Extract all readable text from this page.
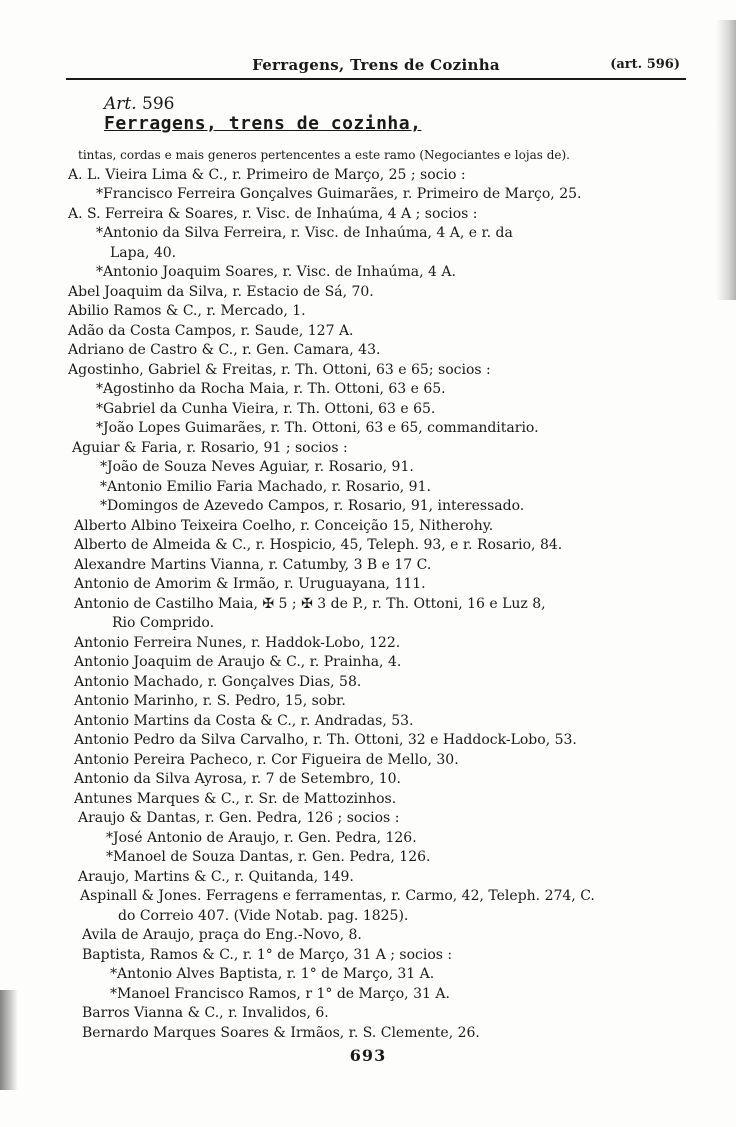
Ferragens, Trens de Cozinha	(art. 596)
Art. 596
Ferragens, trens de cozinha,
tintas, cordas e mais generos pertencentes a este ramo (Negociantes e lojas de).
A. L. Vieira Lima & C., r. Primeiro de Março, 25 ; socio :
*Francisco Ferreira Gonçalves Guimarães, r. Primeiro de Março, 25.
A. S. Ferreira & Soares, r. Visc. de Inhaúma, 4 A ; socios :
*Antonio da Silva Ferreira, r. Visc. de Inhaúma, 4 A, e r. da
Lapa, 40.
*Antonio Joaquim Soares, r. Visc. de Inhaúma, 4 A.
Abel Joaquim da Silva, r. Estacio de Sá, 70.
Abilio Ramos & C., r. Mercado, 1.
Adão da Costa Campos, r. Saude, 127 A.
Adriano de Castro & C., r. Gen. Camara, 43.
Agostinho, Gabriel & Freitas, r. Th. Ottoni, 63 e 65; socios :
*Agostinho da Rocha Maia, r. Th. Ottoni, 63 e 65.
*Gabriel da Cunha Vieira, r. Th. Ottoni, 63 e 65.
*João Lopes Guimarães, r. Th. Ottoni, 63 e 65, commanditario.
Aguiar & Faria, r. Rosario, 91 ; socios :
*João de Souza Neves Aguiar, r. Rosario, 91.
*Antonio Emilio Faria Machado, r. Rosario, 91.
*Domingos de Azevedo Campos, r. Rosario, 91, interessado.
Alberto Albino Teixeira Coelho, r. Conceição 15, Nitherohy.
Alberto de Almeida & C., r. Hospicio, 45, Teleph. 93, e r. Rosario, 84.
Alexandre Martins Vianna, r. Catumby, 3 B e 17 C.
Antonio de Amorim & Irmão, r. Uruguayana, 111.
Antonio de Castilho Maia, ✠ 5 ; ✠ 3 de P., r. Th. Ottoni, 16 e Luz 8,
Rio Comprido.
Antonio Ferreira Nunes, r. Haddok-Lobo, 122.
Antonio Joaquim de Araujo & C., r. Prainha, 4.
Antonio Machado, r. Gonçalves Dias, 58.
Antonio Marinho, r. S. Pedro, 15, sobr.
Antonio Martins da Costa & C., r. Andradas, 53.
Antonio Pedro da Silva Carvalho, r. Th. Ottoni, 32 e Haddock-Lobo, 53.
Antonio Pereira Pacheco, r. Cor Figueira de Mello, 30.
Antonio da Silva Ayrosa, r. 7 de Setembro, 10.
Antunes Marques & C., r. Sr. de Mattozinhos.
Araujo & Dantas, r. Gen. Pedra, 126 ; socios :
*José Antonio de Araujo, r. Gen. Pedra, 126.
*Manoel de Souza Dantas, r. Gen. Pedra, 126.
Araujo, Martins & C., r. Quitanda, 149.
Aspinall & Jones. Ferragens e ferramentas, r. Carmo, 42, Teleph. 274, C.
do Correio 407. (Vide Notab. pag. 1825).
Avila de Araujo, praça do Eng.-Novo, 8.
Baptista, Ramos & C., r. 1° de Março, 31 A ; socios :
*Antonio Alves Baptista, r. 1° de Março, 31 A.
*Manoel Francisco Ramos, r 1° de Março, 31 A.
Barros Vianna & C., r. Invalidos, 6.
Bernardo Marques Soares & Irmãos, r. S. Clemente, 26.
693
